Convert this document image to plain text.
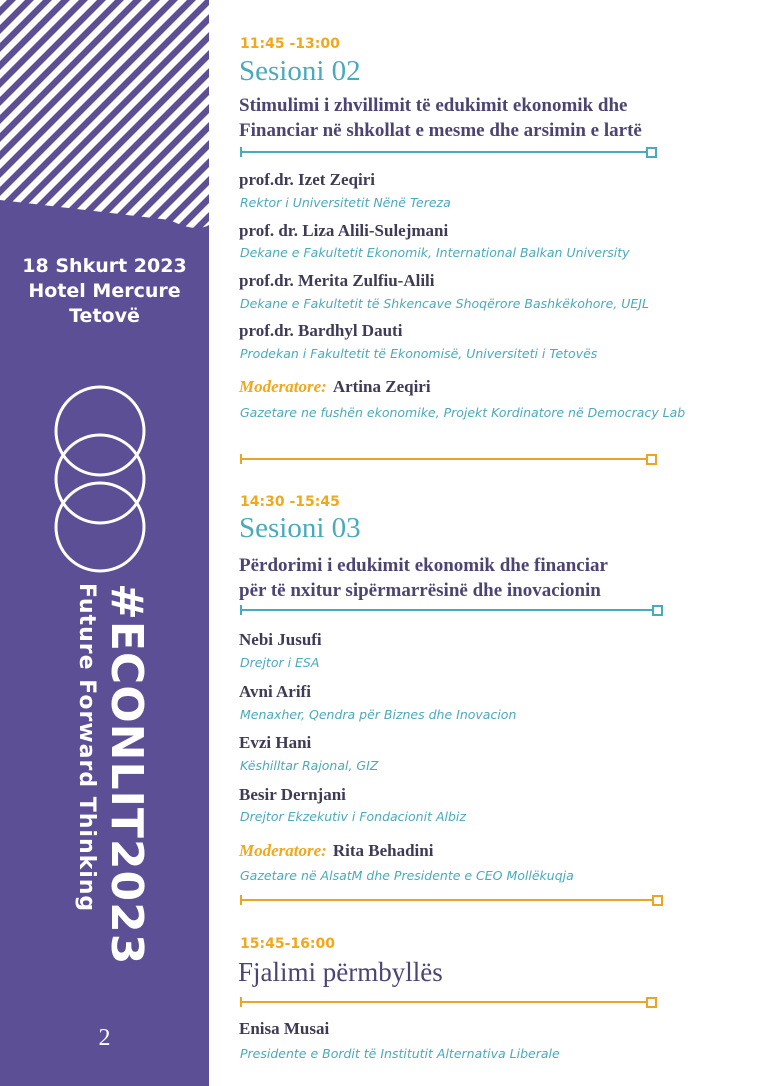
18 Shkurt 2023
Hotel Mercure
Tetovë
#ECONLIT2023
Future Forward Thinking
2
11:45 -13:00
Sesioni 02
Stimulimi i zhvillimit të edukimit ekonomik dhe
Financiar në shkollat e mesme dhe arsimin e lartë
prof.dr. Izet Zeqiri
Rektor i Universitetit Nënë Tereza
prof. dr. Liza Alili-Sulejmani
Dekane e Fakultetit Ekonomik, International Balkan University
prof.dr. Merita Zulfiu-Alili
Dekane e Fakultetit të Shkencave Shoqërore Bashkëkohore, UEJL
prof.dr. Bardhyl Dauti
Prodekan i Fakultetit të Ekonomisë, Universiteti i Tetovës
Moderatore: Artina Zeqiri
Gazetare ne fushën ekonomike, Projekt Kordinatore në Democracy Lab
14:30 -15:45
Sesioni 03
Përdorimi i edukimit ekonomik dhe financiar
për të nxitur sipërmarrësinë dhe inovacionin
Nebi Jusufi
Drejtor i ESA
Avni Arifi
Menaxher, Qendra për Biznes dhe Inovacion
Evzi Hani
Këshilltar Rajonal, GIZ
Besir Dernjani
Drejtor Ekzekutiv i Fondacionit Albiz
Moderatore: Rita Behadini
Gazetare në AlsatM dhe Presidente e CEO Mollëkuqja
15:45-16:00
Fjalimi përmbyllës
Enisa Musai
Presidente e Bordit të Institutit Alternativa Liberale
